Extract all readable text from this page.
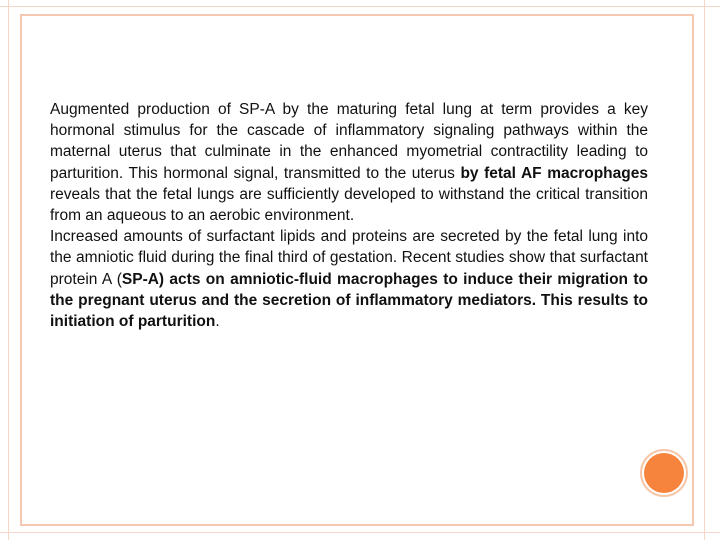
Augmented production of SP-A by the maturing fetal lung at term provides a key hormonal stimulus for the cascade of inflammatory signaling pathways within the maternal uterus that culminate in the enhanced myometrial contractility leading to parturition. This hormonal signal, transmitted to the uterus by fetal AF macrophages reveals that the fetal lungs are sufficiently developed to withstand the critical transition from an aqueous to an aerobic environment.

Increased amounts of surfactant lipids and proteins are secreted by the fetal lung into the amniotic fluid during the final third of gestation. Recent studies show that surfactant protein A (SP-A) acts on amniotic-fluid macrophages to induce their migration to the pregnant uterus and the secretion of inflammatory mediators. This results to initiation of parturition.
